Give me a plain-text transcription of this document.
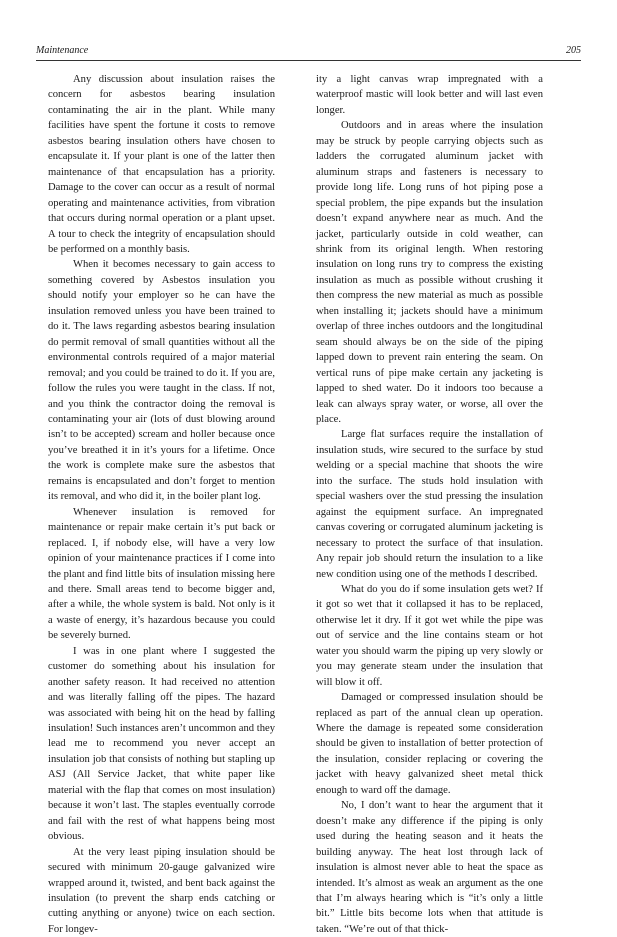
Maintenance	205

Any discussion about insulation raises the concern for asbestos bearing insulation contaminating the air in the plant. While many facilities have spent the fortune it costs to remove asbestos bearing insulation others have chosen to encapsulate it. If your plant is one of the latter then maintenance of that encapsulation has a priority. Damage to the cover can occur as a result of normal operating and maintenance activities, from vibration that occurs during normal operation or a plant upset. A tour to check the integrity of encapsulation should be performed on a monthly basis.

When it becomes necessary to gain access to something covered by Asbestos insulation you should notify your employer so he can have the insulation removed unless you have been trained to do it. The laws regarding asbestos bearing insulation do permit removal of small quantities without all the environmental controls required of a major material removal; and you could be trained to do it. If you are, follow the rules you were taught in the class. If not, and you think the contractor doing the removal is contaminating your air (lots of dust blowing around isn’t to be accepted) scream and holler because once you’ve breathed it in it’s yours for a lifetime. Once the work is complete make sure the asbestos that remains is encapsulated and don’t forget to mention its removal, and who did it, in the boiler plant log.

Whenever insulation is removed for maintenance or repair make certain it’s put back or replaced. I, if nobody else, will have a very low opinion of your maintenance practices if I come into the plant and find little bits of insulation missing here and there. Small areas tend to become bigger and, after a while, the whole system is bald. Not only is it a waste of energy, it’s hazardous because you could be severely burned.

I was in one plant where I suggested the customer do something about his insulation for another safety reason. It had received no attention and was literally falling off the pipes. The hazard was associated with being hit on the head by falling insulation! Such instances aren’t uncommon and they lead me to recommend you never accept an insulation job that consists of nothing but stapling up ASJ (All Service Jacket, that white paper like material with the flap that comes on most insulation) because it won’t last. The staples eventually corrode and fail with the rest of what happens being most obvious.

At the very least piping insulation should be secured with minimum 20-gauge galvanized wire wrapped around it, twisted, and bent back against the insulation (to prevent the sharp ends catching or cutting anything or anyone) twice on each section. For longev-

ity a light canvas wrap impregnated with a waterproof mastic will look better and will last even longer.

Outdoors and in areas where the insulation may be struck by people carrying objects such as ladders the corrugated aluminum jacket with aluminum straps and fasteners is necessary to provide long life. Long runs of hot piping pose a special problem, the pipe expands but the insulation doesn’t expand anywhere near as much. And the jacket, particularly outside in cold weather, can shrink from its original length. When restoring insulation on long runs try to compress the existing insulation as much as possible without crushing it then compress the new material as much as possible when installing it; jackets should have a minimum overlap of three inches outdoors and the longitudinal seam should always be on the side of the piping lapped down to prevent rain entering the seam. On vertical runs of pipe make certain any jacketing is lapped to shed water. Do it indoors too because a leak can always spray water, or worse, all over the place.

Large flat surfaces require the installation of insulation studs, wire secured to the surface by stud welding or a special machine that shoots the wire into the surface. The studs hold insulation with special washers over the stud pressing the insulation against the equipment surface. An impregnated canvas covering or corrugated aluminum jacketing is necessary to protect the surface of that insulation. Any repair job should return the insulation to a like new condition using one of the methods I described.

What do you do if some insulation gets wet? If it got so wet that it collapsed it has to be replaced, otherwise let it dry. If it got wet while the pipe was out of service and the line contains steam or hot water you should warm the piping up very slowly or you may generate steam under the insulation that will blow it off.

Damaged or compressed insulation should be replaced as part of the annual clean up operation. Where the damage is repeated some consideration should be given to installation of better protection of the insulation, consider replacing or covering the jacket with heavy galvanized sheet metal thick enough to ward off the damage.

No, I don’t want to hear the argument that it doesn’t make any difference if the piping is only used during the heating season and it heats the building anyway. The heat lost through lack of insulation is almost never able to heat the space as intended. It’s almost as weak an argument as the one that I’m always hearing which is “it’s only a little bit.” Little bits become lots when that attitude is taken. “We’re out of that thick-
